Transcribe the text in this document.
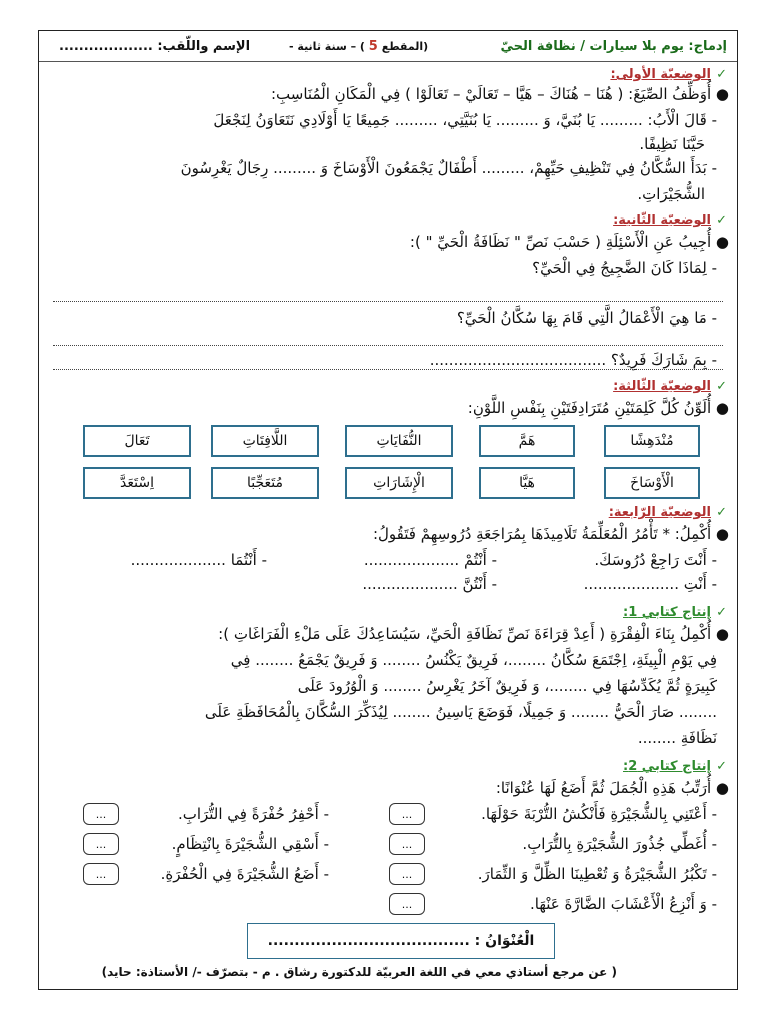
إدماج: يوم بلا سيارات / نظافة الحيّ
(المقطع 5 ) – سنة ثانية -
الإسم واللّقب: ...................
✓ الوضعيّة الأولى:
● أُوَظِّفُ الصِّيَغَ: ( هُنَا – هُنَاكَ – هَيَّا – تَعَالَيْ – تَعَالَوْا ) فِي الْمَكَانِ الْمُنَاسِبِ:
- قَالَ الْأَبُ: ......... يَا بُنَيَّ، وَ ......... يَا بُنَيَّتِي، ......... جَمِيعًا يَا أَوْلَادِي نَتَعَاوَنُ لِنَجْعَلَ
حَيَّنَا نَظِيفًا.
- بَدَأَ السُّكَّانُ فِي تَنْظِيفِ حَيِّهِمْ، ......... أَطْفَالٌ يَجْمَعُونَ الْأَوْسَاخَ وَ ......... رِجَالٌ يَغْرِسُونَ
الشُّجَيْرَاتِ.
✓ الوضعيّة الثّانية:
● أُجِيبُ عَنِ الْأَسْئِلَةِ ( حَسْبَ نَصِّ " نَظَافَةُ الْحَيِّ " ):
- لِمَاذَا كَانَ الضَّجِيجُ فِي الْحَيِّ؟
- مَا هِيَ الْأَعْمَالُ الَّتِي قَامَ بِهَا سُكَّانُ الْحَيِّ؟
- بِمَ شَارَكَ فَرِيدٌ؟ .....................................
✓ الوضعيّة الثّالثة:
● أُلَوِّنُ كُلَّ كَلِمَتَيْنِ مُتَرَادِفَتَيْنِ بِنَفْسِ اللَّوْنِ:
مُنْدَهِشًا
هَمَّ
النُّفَايَاتِ
اللَّافِتَاتِ
تَعَالَ
الْأَوْسَاخَ
هَيَّا
الْإِشَارَاتِ
مُتَعَجِّبًا
اِسْتَعَدَّ
✓ الوضعيّة الرّابعة:
● أُكْمِلُ: * تَأْمُرُ الْمُعَلِّمَةُ تَلَامِيذَهَا بِمُرَاجَعَةِ دُرُوسِهِمْ فَتَقُولُ:
- أَنْتَ رَاجِعْ دُرُوسَكَ.
- أَنْتُمْ ....................
- أَنْتُمَا ....................
- أَنْتِ ....................
- أَنْتُنَّ ....................
✓ إنتاج كتابي 1:
● أُكْمِلُ بِنَاءَ الْفِقْرَةِ ( أَعِدْ قِرَاءَةَ نَصِّ نَظَافَةِ الْحَيِّ، سَيُسَاعِدُكَ عَلَى مَلْءِ الْفَرَاغَاتِ ):
فِي يَوْمِ الْبِيئَةِ، اِجْتَمَعَ سُكَّانُ ........، فَرِيقٌ يَكْنُسُ ........ وَ فَرِيقٌ يَجْمَعُ ........ فِي
كَبِيرَةٍ ثُمَّ يُكَدِّسُهَا فِي ........، وَ فَرِيقٌ آخَرُ يَغْرِسُ ........ وَ الْوُرُودَ عَلَى
........ صَارَ الْحَيُّ ........ وَ جَمِيلًا، فَوَضَعَ يَاسِينُ ........ لِيُذَكِّرَ السُّكَّانَ بِالْمُحَافَظَةِ عَلَى
نَظَافَةِ ........
✓ إنتاج كتابي 2:
● أُرَتِّبُ هَذِهِ الْجُمَلَ ثُمَّ أَضَعُ لَهَا عُنْوَانًا:
- أَعْتَنِي بِالشُّجَيْرَةِ فَأَنْكُشُ التُّرْبَةَ حَوْلَهَا.
...
- أَحْفِرُ حُفْرَةً فِي التُّرَابِ.
...
- أُغَطِّي جُذُورَ الشُّجَيْرَةِ بِالتُّرَابِ.
...
- أَسْقِي الشُّجَيْرَةَ بِانْتِظَامٍ.
...
- تَكْبُرُ الشُّجَيْرَةُ وَ تُعْطِينَا الظِّلَّ وَ الثِّمَارَ.
...
- أَضَعُ الشُّجَيْرَةَ فِي الْحُفْرَةِ.
...
- وَ أَنْزِعُ الْأَعْشَابَ الضَّارَّةَ عَنْهَا.
...
الْعُنْوَانُ : ......................................
( عن مرجع أستاذي معي في اللغة العربيّة للدكتورة رشاق . م - بتصرّف -/ الأستاذة: حايد)
